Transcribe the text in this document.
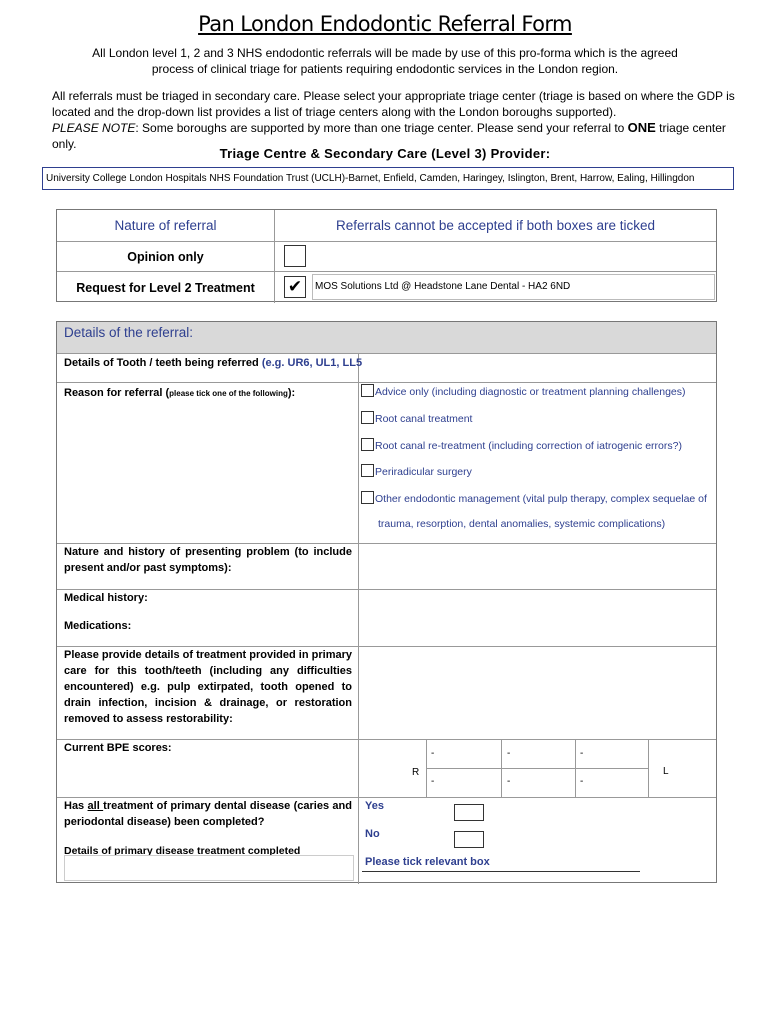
Pan London Endodontic Referral Form
All London level 1, 2 and 3 NHS endodontic referrals will be made by use of this pro-forma which is the agreed
process of clinical triage for patients requiring endodontic services in the London region.
All referrals must be triaged in secondary care. Please select your appropriate triage center (triage is based on where the GDP is
located and the drop-down list provides a list of triage centers along with the London boroughs supported).
PLEASE NOTE: Some boroughs are supported by more than one triage center. Please send your referral to ONE triage center only.
Triage Centre & Secondary Care (Level 3) Provider:
University College London Hospitals NHS Foundation Trust (UCLH)-Barnet, Enfield, Camden, Haringey, Islington, Brent, Harrow, Ealing, Hillingdon
Nature of referral	Referrals cannot be accepted if both boxes are ticked
Opinion only
Request for Level 2 Treatment	✔	MOS Solutions Ltd @ Headstone Lane Dental - HA2 6ND
Details of the referral:
Details of Tooth / teeth being referred (e.g. UR6, UL1, LL5
Reason for referral (please tick one of the following):	Advice only (including diagnostic or treatment planning challenges)
Root canal treatment
Root canal re-treatment (including correction of iatrogenic errors?)
Periradicular surgery
Other endodontic management (vital pulp therapy, complex sequelae of
trauma, resorption, dental anomalies, systemic complications)
Nature and history of presenting problem (to include present and/or past symptoms):
Medical history:
Medications:
Please provide details of treatment provided in primary care for this tooth/teeth (including any difficulties encountered) e.g. pulp extirpated, tooth opened to drain infection, incision & drainage, or restoration removed to assess restorability:
Current BPE scores:
R	L
-	-	-
-	-	-
Has all treatment of primary dental disease (caries and periodontal disease) been completed?
Details of primary disease treatment completed
Yes
No
Please tick relevant box
